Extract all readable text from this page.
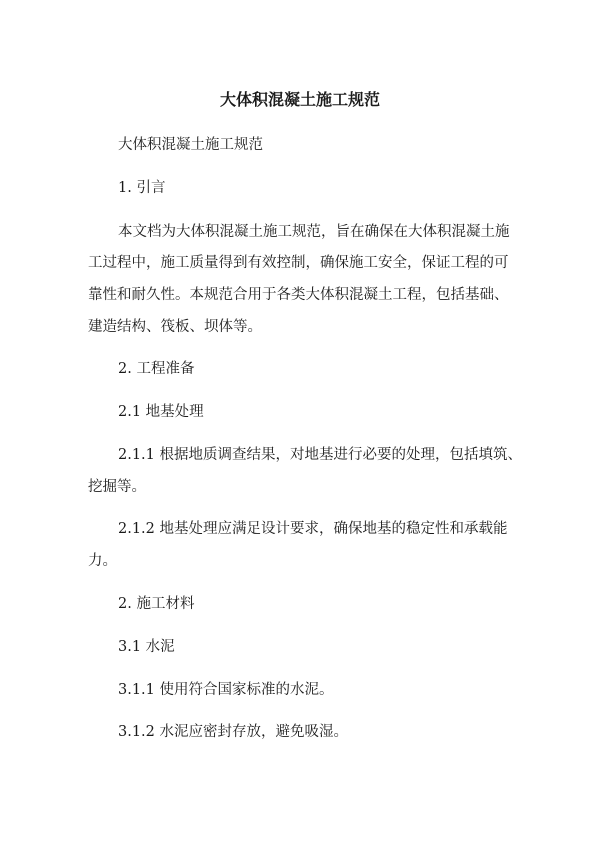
大体积混凝土施工规范
大体积混凝土施工规范
1. 引言
本文档为大体积混凝土施工规范，旨在确保在大体积混凝土施
工过程中，施工质量得到有效控制，确保施工安全，保证工程的可
靠性和耐久性。本规范合用于各类大体积混凝土工程，包括基础、
建造结构、筏板、坝体等。
2. 工程准备
2.1 地基处理
2.1.1 根据地质调查结果，对地基进行必要的处理，包括填筑、
挖掘等。
2.1.2 地基处理应满足设计要求，确保地基的稳定性和承载能
力。
2. 施工材料
3.1 水泥
3.1.1 使用符合国家标准的水泥。
3.1.2 水泥应密封存放，避免吸湿。
